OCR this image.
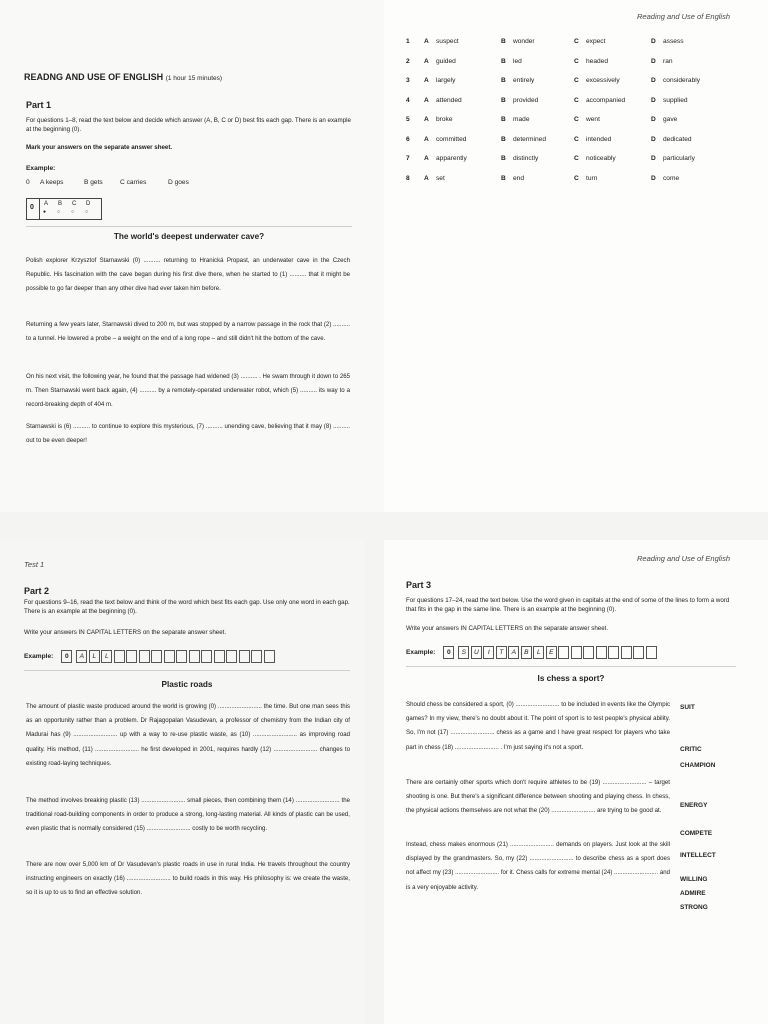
READNG AND USE OF ENGLISH (1 hour 15 minutes)
Part 1
For questions 1–8, read the text below and decide which answer (A, B, C or D) best fits each gap. There is an example at the beginning (0).
Mark your answers on the separate answer sheet.
Example:
0 A keeps	B gets	C carries	D goes
0 A B C D
● ○ ○ ○
The world's deepest underwater cave?
Polish explorer Krzysztof Starnawski (0) .......... returning to Hranická Propast, an underwater cave in the Czech Republic. His fascination with the cave began during his first dive there, when he started to (1) .......... that it might be possible to go far deeper than any other dive had ever taken him before.
Returning a few years later, Starnawski dived to 200 m, but was stopped by a narrow passage in the rock that (2) .......... to a tunnel. He lowered a probe – a weight on the end of a long rope – and still didn't hit the bottom of the cave.
On his next visit, the following year, he found that the passage had widened (3) .......... . He swam through it down to 265 m. Then Starnawski went back again, (4) .......... by a remotely-operated underwater robot, which (5) .......... its way to a record-breaking depth of 404 m.
Starnawski is (6) .......... to continue to explore this mysterious, (7) .......... unending cave, believing that it may (8) .......... out to be even deeper!
Reading and Use of English
1 A suspect	B wonder	C expect	D assess
2 A guided	B led	C headed	D ran
3 A largely	B entirely	C excessively	D considerably
4 A attended	B provided	C accompanied	D supplied
5 A broke	B made	C went	D gave
6 A committed	B determined	C intended	D dedicated
7 A apparently	B distinctly	C noticeably	D particularly
8 A set	B end	C turn	D come
Test 1
Part 2
For questions 9–16, read the text below and think of the word which best fits each gap. Use only one word in each gap. There is an example at the beginning (0).
Write your answers IN CAPITAL LETTERS on the separate answer sheet.
Example:	0	A	L	L
Plastic roads
The amount of plastic waste produced around the world is growing (0) .......................... the time. But one man sees this as an opportunity rather than a problem. Dr Rajagopalan Vasudevan, a professor of chemistry from the Indian city of Madurai has (9) .......................... up with a way to re-use plastic waste, as (10) .......................... as improving road quality. His method, (11) .......................... he first developed in 2001, requires hardly (12) .......................... changes to existing road-laying techniques.
The method involves breaking plastic (13) .......................... small pieces, then combining them (14) .......................... the traditional road-building components in order to produce a strong, long-lasting material. All kinds of plastic can be used, even plastic that is normally considered (15) .......................... costly to be worth recycling.
There are now over 5,000 km of Dr Vasudevan's plastic roads in use in rural India. He travels throughout the country instructing engineers on exactly (16) .......................... to build roads in this way. His philosophy is: we create the waste, so it is up to us to find an effective solution.
Reading and Use of English
Part 3
For questions 17–24, read the text below. Use the word given in capitals at the end of some of the lines to form a word that fits in the gap in the same line. There is an example at the beginning (0).
Write your answers IN CAPITAL LETTERS on the separate answer sheet.
Example:	0	S	U	I	T	A	B	L	E
Is chess a sport?
Should chess be considered a sport, (0) .......................... to be included in events like the Olympic games? In my view, there's no doubt about it. The point of sport is to test people's physical ability. So, I'm not (17) .......................... chess as a game and I have great respect for players who take part in chess (18) .......................... . I'm just saying it's not a sport.
There are certainly other sports which don't require athletes to be (19) .......................... – target shooting is one. But there's a significant difference between shooting and playing chess. In chess, the physical actions themselves are not what the (20) .......................... are trying to be good at.
Instead, chess makes enormous (21) .......................... demands on players. Just look at the skill displayed by the grandmasters. So, my (22) .......................... to describe chess as a sport does not affect my (23) .......................... for it. Chess calls for extreme mental (24) .......................... and is a very enjoyable activity.
SUIT
CRITIC
CHAMPION
ENERGY
COMPETE
INTELLECT
WILLING
ADMIRE
STRONG
